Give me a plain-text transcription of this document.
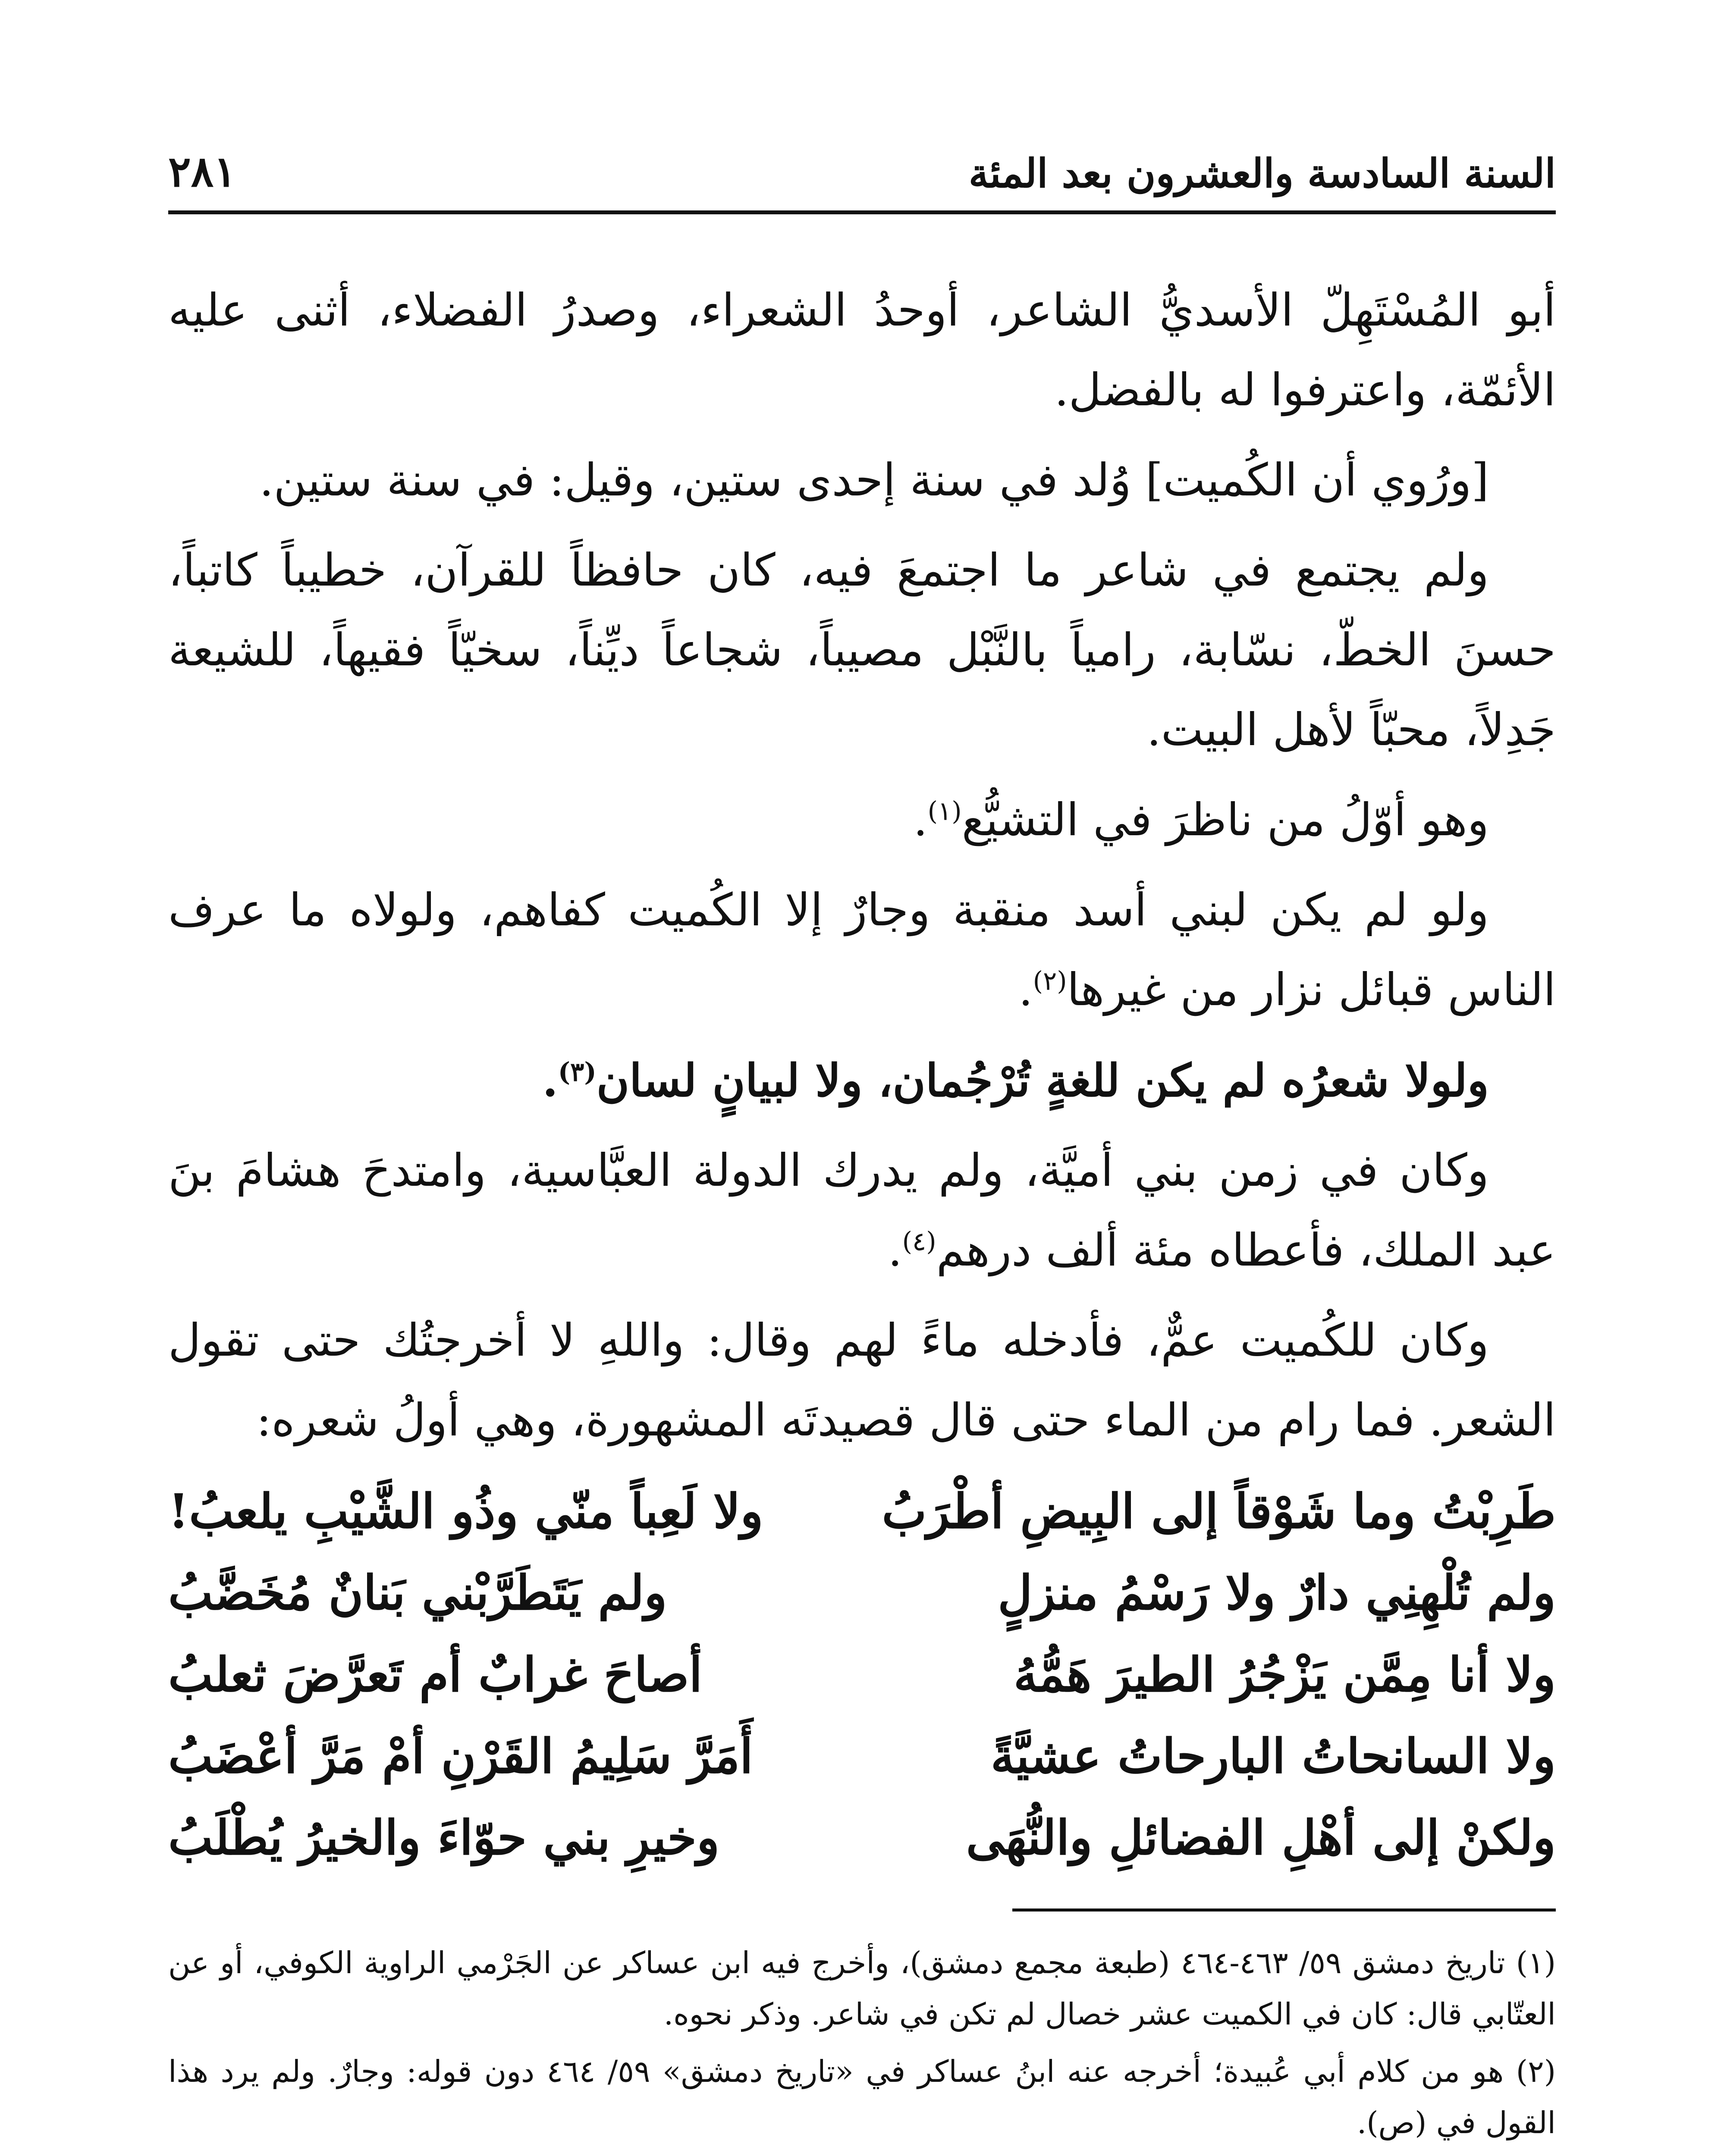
السنة السادسة والعشرون بعد المئة
٢٨١

أبو المُسْتَهِلّ الأسديُّ الشاعر، أوحدُ الشعراء، وصدرُ الفضلاء، أثنى عليه الأئمّة، واعترفوا له بالفضل.

[ورُوي أن الكُميت] وُلد في سنة إحدى ستين، وقيل: في سنة ستين.

ولم يجتمع في شاعر ما اجتمعَ فيه، كان حافظاً للقرآن، خطيباً كاتباً، حسنَ الخطّ، نسّابة، رامياً بالنَّبْل مصيباً، شجاعاً ديِّناً، سخيّاً فقيهاً، للشيعة جَدِلاً، محبّاً لأهل البيت.

وهو أوّلُ من ناظرَ في التشيُّع$^{(١)}$.

ولو لم يكن لبني أسد منقبة وجارٌ إلا الكُميت كفاهم، ولولاه ما عرف الناس قبائل نزار من غيرها$^{(٢)}$.

ولولا شعرُه لم يكن للغةٍ تُرْجُمان، ولا لبيانٍ لسان$^{(٣)}$.

وكان في زمن بني أميَّة، ولم يدرك الدولة العبَّاسية، وامتدحَ هشامَ بنَ عبد الملك، فأعطاه مئة ألف درهم$^{(٤)}$.

وكان للكُميت عمٌّ، فأدخله ماءً لهم وقال: واللهِ لا أخرجتُك حتى تقول الشعر. فما رام من الماء حتى قال قصيدتَه المشهورة، وهي أولُ شعره:

طَرِبْتُ وما شَوْقاً إلى البِيضِ أطْرَبُ
ولا لَعِباً منّي وذُو الشَّيْبِ يلعبُ!
ولم تُلْهِنِي دارٌ ولا رَسْمُ منزلٍ
ولم يَتَطَرَّبْني بَنانٌ مُخَضَّبُ
ولا أنا مِمَّن يَزْجُرُ الطيرَ هَمُّهُ
أصاحَ غرابٌ أم تَعرَّضَ ثعلبُ
ولا السانحاتُ البارحاتُ عشيَّةً
أَمَرَّ سَلِيمُ القَرْنِ أمْ مَرَّ أعْضَبُ
ولكنْ إلى أهْلِ الفضائلِ والنُّهَى
وخيرِ بني حوّاءَ والخيرُ يُطْلَبُ

(١) تاريخ دمشق ٥٩/ ٤٦٣-٤٦٤ (طبعة مجمع دمشق)، وأخرج فيه ابن عساكر عن الجَرْمي الراوية الكوفي، أو عن العتّابي قال: كان في الكميت عشر خصال لم تكن في شاعر. وذكر نحوه.

(٢) هو من كلام أبي عُبيدة؛ أخرجه عنه ابنُ عساكر في «تاريخ دمشق» ٥٩/ ٤٦٤ دون قوله: وجارٌ. ولم يرد هذا القول في (ص).
